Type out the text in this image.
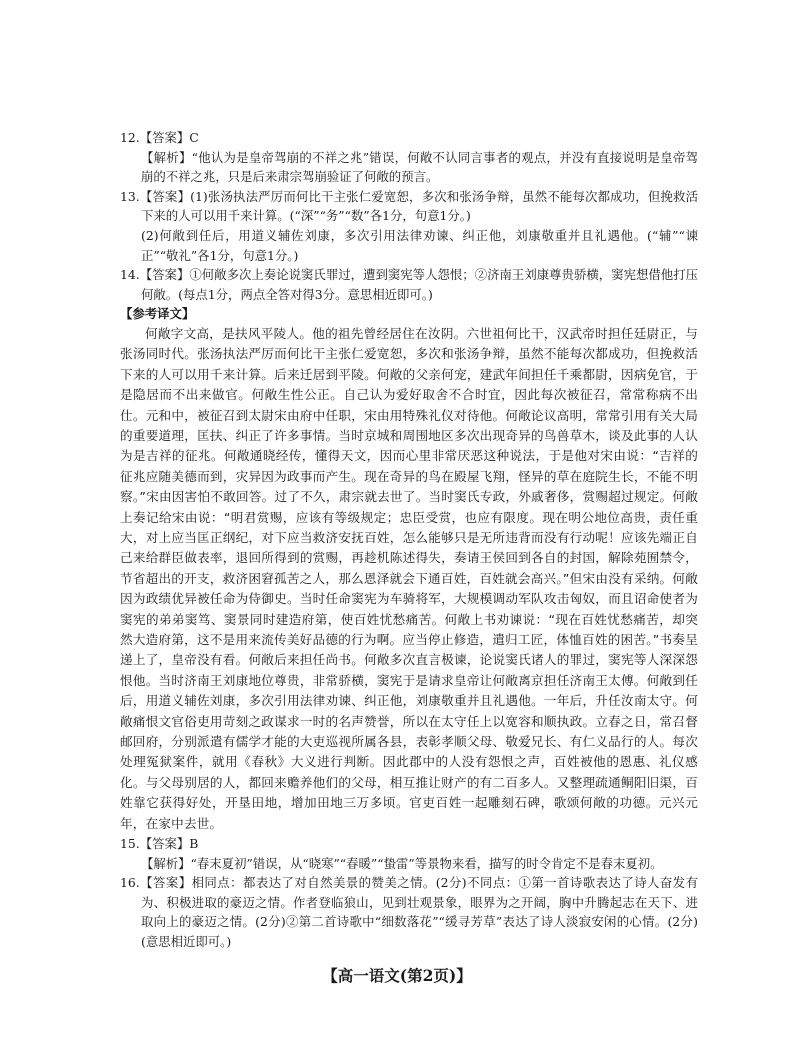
12.【答案】C

【解析】“他认为是皇帝驾崩的不祥之兆”错误，何敞不认同言事者的观点，并没有直接说明是皇帝驾崩的不祥之兆，只是后来肃宗驾崩验证了何敞的预言。

13.【答案】(1)张汤执法严厉而何比干主张仁爱宽恕，多次和张汤争辩，虽然不能每次都成功，但挽救活下来的人可以用千来计算。(“深”“务”“数”各1分，句意1分。)

(2)何敞到任后，用道义辅佐刘康，多次引用法律劝谏、纠正他，刘康敬重并且礼遇他。(“辅”“谏正”“敬礼”各1分，句意1分。)

14.【答案】①何敞多次上奏论说窦氏罪过，遭到窦宪等人怨恨；②济南王刘康尊贵骄横，窦宪想借他打压何敞。(每点1分，两点全答对得3分。意思相近即可。)

【参考译文】

何敞字文高，是扶风平陵人。他的祖先曾经居住在汝阴。六世祖何比干，汉武帝时担任廷尉正，与张汤同时代。张汤执法严厉而何比干主张仁爱宽恕，多次和张汤争辩，虽然不能每次都成功，但挽救活下来的人可以用千来计算。后来迁居到平陵。何敞的父亲何宠，建武年间担任千乘都尉，因病免官，于是隐居而不出来做官。何敞生性公正。自己认为爱好取舍不合时宜，因此每次被征召，常常称病不出仕。元和中，被征召到太尉宋由府中任职，宋由用特殊礼仪对待他。何敞论议高明，常常引用有关大局的重要道理，匡扶、纠正了许多事情。当时京城和周围地区多次出现奇异的鸟兽草木，谈及此事的人认为是吉祥的征兆。何敞通晓经传，懂得天文，因而心里非常厌恶这种说法，于是他对宋由说：“吉祥的征兆应随美德而到，灾异因为政事而产生。现在奇异的鸟在殿屋飞翔，怪异的草在庭院生长，不能不明察。”宋由因害怕不敢回答。过了不久，肃宗就去世了。当时窦氏专政，外戚奢侈，赏赐超过规定。何敞上奏记给宋由说：“明君赏赐，应该有等级规定；忠臣受赏，也应有限度。现在明公地位高贵，责任重大，对上应当匡正纲纪，对下应当救济安抚百姓，怎么能够只是无所违背而没有行动呢！应该先端正自己来给群臣做表率，退回所得到的赏赐，再趁机陈述得失，奏请王侯回到各自的封国，解除苑囿禁令，节省超出的开支，救济困窘孤苦之人，那么恩泽就会下通百姓，百姓就会高兴。”但宋由没有采纳。何敞因为政绩优异被任命为侍御史。当时任命窦宪为车骑将军，大规模调动军队攻击匈奴，而且诏命使者为窦宪的弟弟窦笃、窦景同时建造府第，使百姓忧愁痛苦。何敞上书劝谏说：“现在百姓忧愁痛苦，却突然大造府第，这不是用来流传美好品德的行为啊。应当停止修造，遣归工匠，体恤百姓的困苦。”书奏呈递上了，皇帝没有看。何敞后来担任尚书。何敞多次直言极谏，论说窦氏诸人的罪过，窦宪等人深深怨恨他。当时济南王刘康地位尊贵，非常骄横，窦宪于是请求皇帝让何敞离京担任济南王太傅。何敞到任后，用道义辅佐刘康，多次引用法律劝谏、纠正他，刘康敬重并且礼遇他。一年后，升任汝南太守。何敞痛恨文官俗吏用苛刻之政谋求一时的名声赞誉，所以在太守任上以宽容和顺执政。立春之日，常召督邮回府，分别派遣有儒学才能的大吏巡视所属各县，表彰孝顺父母、敬爱兄长、有仁义品行的人。每次处理冤狱案件，就用《春秋》大义进行判断。因此郡中的人没有怨恨之声，百姓被他的恩惠、礼仪感化。与父母别居的人，都回来赡养他们的父母，相互推让财产的有二百多人。又整理疏通鲖阳旧渠，百姓靠它获得好处，开垦田地，增加田地三万多顷。官吏百姓一起雕刻石碑，歌颂何敞的功德。元兴元年，在家中去世。

15.【答案】B

【解析】“春末夏初”错误，从“晓寒”“春暖”“蛰雷”等景物来看，描写的时令肯定不是春末夏初。

16.【答案】相同点：都表达了对自然美景的赞美之情。(2分)不同点：①第一首诗歌表达了诗人奋发有为、积极进取的豪迈之情。作者登临狼山，见到壮观景象，眼界为之开阔，胸中升腾起志在天下、进取向上的豪迈之情。(2分)②第二首诗歌中“细数落花”“缓寻芳草”表达了诗人淡寂安闲的心情。(2分)(意思相近即可。)

【高一语文(第2页)】
